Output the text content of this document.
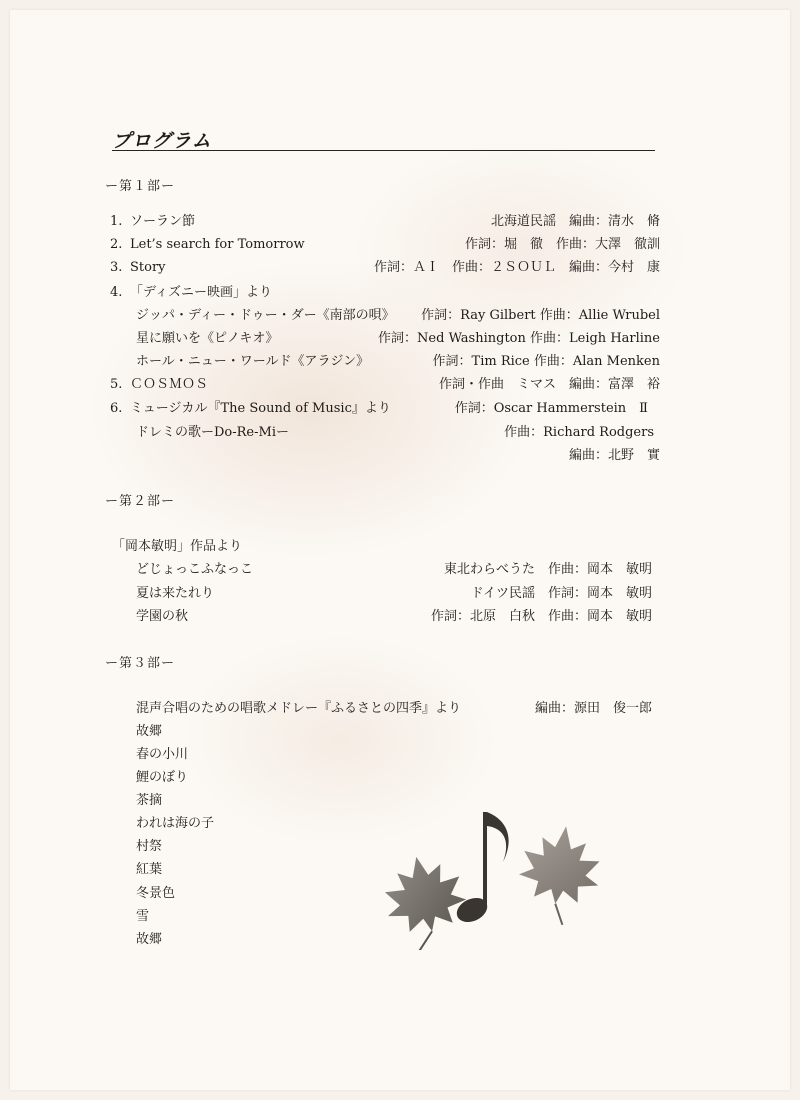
プログラム
ー第１部ー
1. ソーラン節	北海道民謡　編曲：清水　脩
2. Let’s search for Tomorrow	作詞：堀　徹　作曲：大澤　徹訓
3. Story	作詞：ＡＩ　作曲：２ＳＯＵＬ　編曲：今村　康
4. 「ディズニー映画」より
ジッパ・ディー・ドゥー・ダー《南部の唄》 作詞：Ray Gilbert 作曲：Allie Wrubel
星に願いを《ピノキオ》	作詞：Ned Washington 作曲：Leigh Harline
ホール・ニュー・ワールド《アラジン》	作詞：Tim Rice 作曲：Alan Menken
5. ＣＯＳＭＯＳ	作詞・作曲　ミマス　編曲：富澤　裕
6. ミュージカル『The Sound of Music』より	作詞：Oscar Hammerstein　Ⅱ
ドレミの歌ーDo-Re-Miー	作曲：Richard Rodgers
編曲：北野　實
ー第２部ー
「岡本敏明」作品より
どじょっこふなっこ	東北わらべうた　作曲：岡本　敏明
夏は来たれり	ドイツ民謡　作詞：岡本　敏明
学園の秋	作詞：北原　白秋　作曲：岡本　敏明
ー第３部ー
混声合唱のための唱歌メドレー『ふるさとの四季』より	編曲：源田　俊一郎
故郷
春の小川
鯉のぼり
茶摘
われは海の子
村祭
紅葉
冬景色
雪
故郷
